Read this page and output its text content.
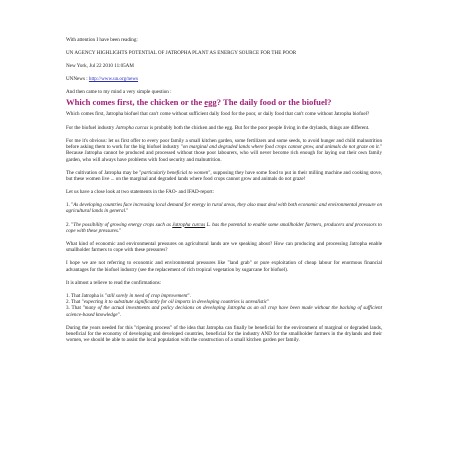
With attention I have been reading:

UN AGENCY HIGHLIGHTS POTENTIAL OF JATROPHA PLANT AS ENERGY SOURCE FOR THE POOR

New York, Jul 22 2010 11:05AM

UNNews : http://www.un.org/news

And then came to my mind a very simple question :

Which comes first, the chicken or the egg? The daily food or the biofuel?

Which comes first, Jatropha biofuel that can't come without sufficient daily food for the poor, or daily food that can't come without Jatropha biofuel?

For the biofuel industry Jatropha curcas is probably both the chicken and the egg. But for the poor people living in the drylands, things are different.

For me it's obvious: let us first offer to every poor family a small kitchen garden, some fertilizers and some seeds, to avoid hunger and child malnutrition before asking them to work for the big biofuel industry "on marginal and degraded lands where food crops cannot grow, and animals do not graze on it." Because Jatropha cannot be produced and processed without those poor labourers, who will never become rich enough for laying out their own family garden, who will always have problems with food security and malnutrition.

The cultivation of Jatropha may be "particularly beneficial to women", supposing they have some food to put in their milling machine and cooking stove, but these women live ... on the marginal and degraded lands where food crops cannot grow and animals do not graze!

Let us have a close look at two statements in the FAO- and IFAD-report:

1. "As developing countries face increasing local demand for energy in rural areas, they also must deal with both economic and environmental pressure on agricultural lands in general."

2. "The possibility of growing energy crops such as Jatropha curcas L. has the potential to enable some smallholder farmers, producers and processors to cope with these pressures."

What kind of economic and environmental pressures on agricultural lands are we speaking about? How can producing and processing Jatropha enable smallholder farmers to cope with these pressures?

I hope we are not referring to economic and environmental pressures like "land grab" or pure exploitation of cheap labour for enormous financial advantages for the biofuel industry (see the replacement of rich tropical vegetation by sugarcane for biofuel).

It is almost a relieve to read the confirmations:

1. That Jatropha is "still sorely in need of crop improvement".

2. That "expecting it to substitute significantly for oil imports in developing countries is unrealistic"

3. That "many of the actual investments and policy decisions on developing Jatropha as an oil crop have been made without the backing of sufficient science-based knowledge".

During the years needed for this "ripening process" of the idea that Jatropha can finally be beneficial for the environment of marginal or degraded lands, beneficial for the economy of developing and developed countries, beneficial for the industry AND for the smallholder farmers in the drylands and their women, we should be able to assist the local population with the construction of a small kitchen garden per family.
